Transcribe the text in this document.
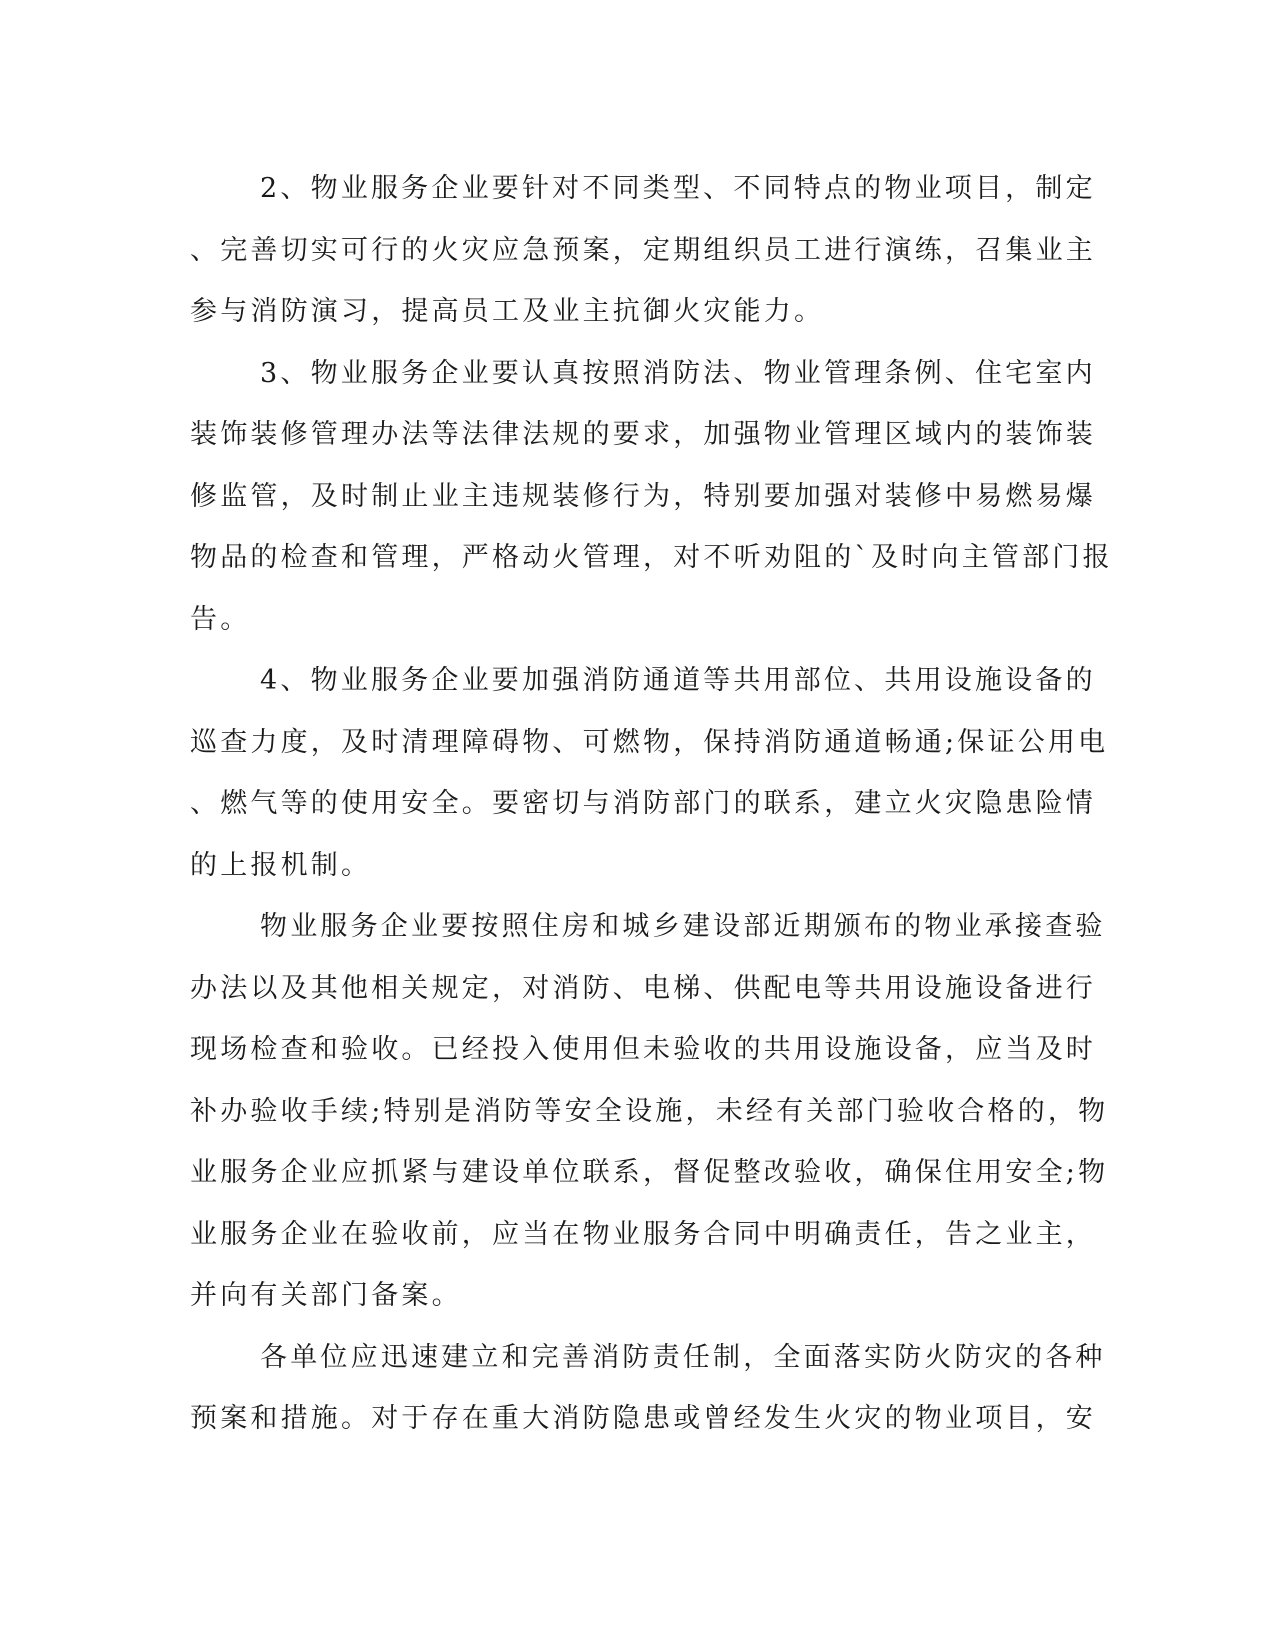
2、物业服务企业要针对不同类型、不同特点的物业项目，制定
、完善切实可行的火灾应急预案，定期组织员工进行演练，召集业主
参与消防演习，提高员工及业主抗御火灾能力。
3、物业服务企业要认真按照消防法、物业管理条例、住宅室内
装饰装修管理办法等法律法规的要求，加强物业管理区域内的装饰装
修监管，及时制止业主违规装修行为，特别要加强对装修中易燃易爆
物品的检查和管理，严格动火管理，对不听劝阻的`及时向主管部门报
告。
4、物业服务企业要加强消防通道等共用部位、共用设施设备的
巡查力度，及时清理障碍物、可燃物，保持消防通道畅通;保证公用电
、燃气等的使用安全。要密切与消防部门的联系，建立火灾隐患险情
的上报机制。
物业服务企业要按照住房和城乡建设部近期颁布的物业承接查验
办法以及其他相关规定，对消防、电梯、供配电等共用设施设备进行
现场检查和验收。已经投入使用但未验收的共用设施设备，应当及时
补办验收手续;特别是消防等安全设施，未经有关部门验收合格的，物
业服务企业应抓紧与建设单位联系，督促整改验收，确保住用安全;物
业服务企业在验收前，应当在物业服务合同中明确责任，告之业主，
并向有关部门备案。
各单位应迅速建立和完善消防责任制，全面落实防火防灾的各种
预案和措施。对于存在重大消防隐患或曾经发生火灾的物业项目，安
